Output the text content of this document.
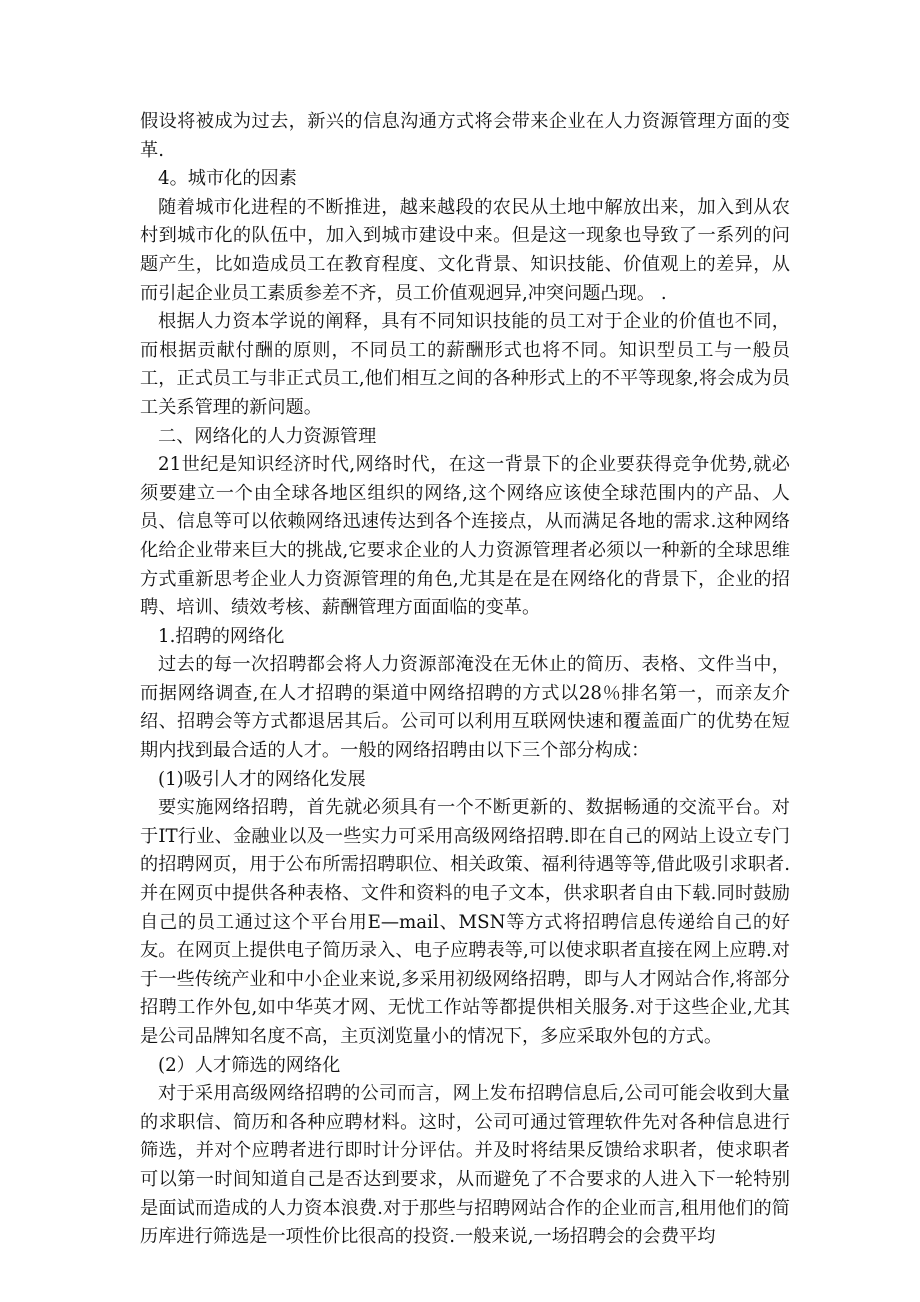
假设将被成为过去，新兴的信息沟通方式将会带来企业在人力资源管理方面的变革.

4。城市化的因素

随着城市化进程的不断推进，越来越段的农民从土地中解放出来，加入到从农村到城市化的队伍中，加入到城市建设中来。但是这一现象也导致了一系列的问题产生，比如造成员工在教育程度、文化背景、知识技能、价值观上的差异，从而引起企业员工素质参差不齐，员工价值观迥异,冲突问题凸现。 .

根据人力资本学说的阐释，具有不同知识技能的员工对于企业的价值也不同，而根据贡献付酬的原则，不同员工的薪酬形式也将不同。知识型员工与一般员工，正式员工与非正式员工,他们相互之间的各种形式上的不平等现象,将会成为员工关系管理的新问题。

二、网络化的人力资源管理

21世纪是知识经济时代,网络时代，在这一背景下的企业要获得竞争优势,就必须要建立一个由全球各地区组织的网络,这个网络应该使全球范围内的产品、人员、信息等可以依赖网络迅速传达到各个连接点，从而满足各地的需求.这种网络化给企业带来巨大的挑战,它要求企业的人力资源管理者必须以一种新的全球思维方式重新思考企业人力资源管理的角色,尤其是在是在网络化的背景下，企业的招聘、培训、绩效考核、薪酬管理方面面临的变革。

1.招聘的网络化

过去的每一次招聘都会将人力资源部淹没在无休止的简历、表格、文件当中，而据网络调查,在人才招聘的渠道中网络招聘的方式以28％排名第一，而亲友介绍、招聘会等方式都退居其后。公司可以利用互联网快速和覆盖面广的优势在短期内找到最合适的人才。一般的网络招聘由以下三个部分构成：

(1)吸引人才的网络化发展

要实施网络招聘，首先就必须具有一个不断更新的、数据畅通的交流平台。对于IT行业、金融业以及一些实力可采用高级网络招聘.即在自己的网站上设立专门的招聘网页，用于公布所需招聘职位、相关政策、福利待遇等等,借此吸引求职者.并在网页中提供各种表格、文件和资料的电子文本，供求职者自由下载.同时鼓励自己的员工通过这个平台用E—mail、MSN等方式将招聘信息传递给自己的好友。在网页上提供电子简历录入、电子应聘表等,可以使求职者直接在网上应聘.对于一些传统产业和中小企业来说,多采用初级网络招聘，即与人才网站合作,将部分招聘工作外包,如中华英才网、无忧工作站等都提供相关服务.对于这些企业,尤其是公司品牌知名度不高，主页浏览量小的情况下，多应采取外包的方式。

(2）人才筛选的网络化

对于采用高级网络招聘的公司而言，网上发布招聘信息后,公司可能会收到大量的求职信、简历和各种应聘材料。这时，公司可通过管理软件先对各种信息进行筛选，并对个应聘者进行即时计分评估。并及时将结果反馈给求职者，使求职者可以第一时间知道自己是否达到要求，从而避免了不合要求的人进入下一轮特别是面试而造成的人力资本浪费.对于那些与招聘网站合作的企业而言,租用他们的简历库进行筛选是一项性价比很高的投资.一般来说,一场招聘会的会费平均
